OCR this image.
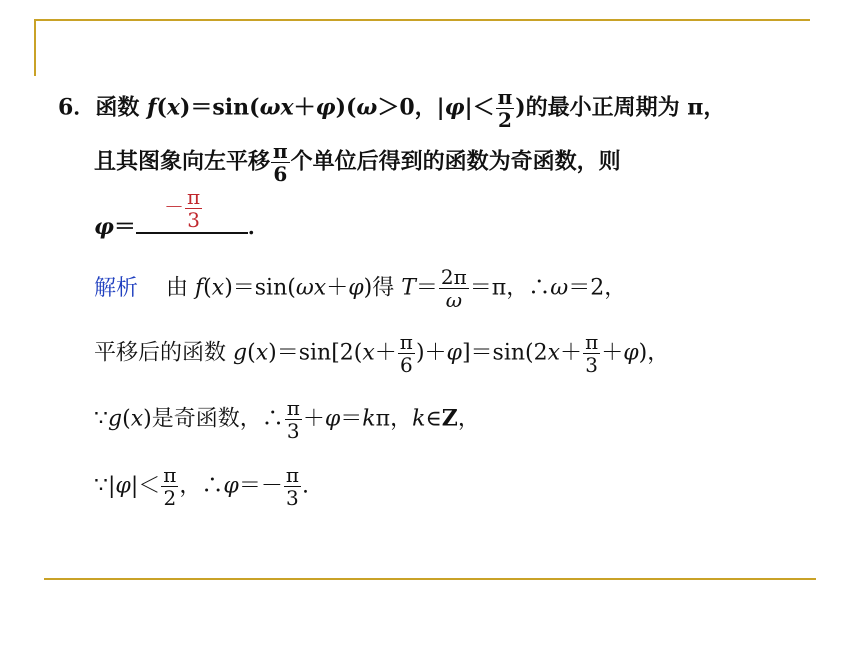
6．函数 f(x)＝sin(ωx＋φ)(ω＞0，$|\varphi|< \frac{\pi}{2}$ )的最小正周期为 π，
且其图象向左平移 $\frac{\pi}{6}$ 个单位后得到的函数为奇函数，则
－ $\frac{\pi}{3}$
φ＝	．
解析 由 f(x)＝sin(ωx＋φ)得 $T= \frac{2\pi}{\omega} =\pi$，∴ω＝2，
平移后的函数 $g(x)=\sin[2(x+ \frac{\pi}{6} )+\varphi]=\sin(2x+ \frac{\pi}{3} +\varphi)$，
∵g(x)是奇函数，∴ $\frac{\pi}{3} +\varphi=k\pi$，k∈Z，
∵|φ|＜ $\frac{\pi}{2}$ ，∴φ＝－ $\frac{\pi}{3}$ .
